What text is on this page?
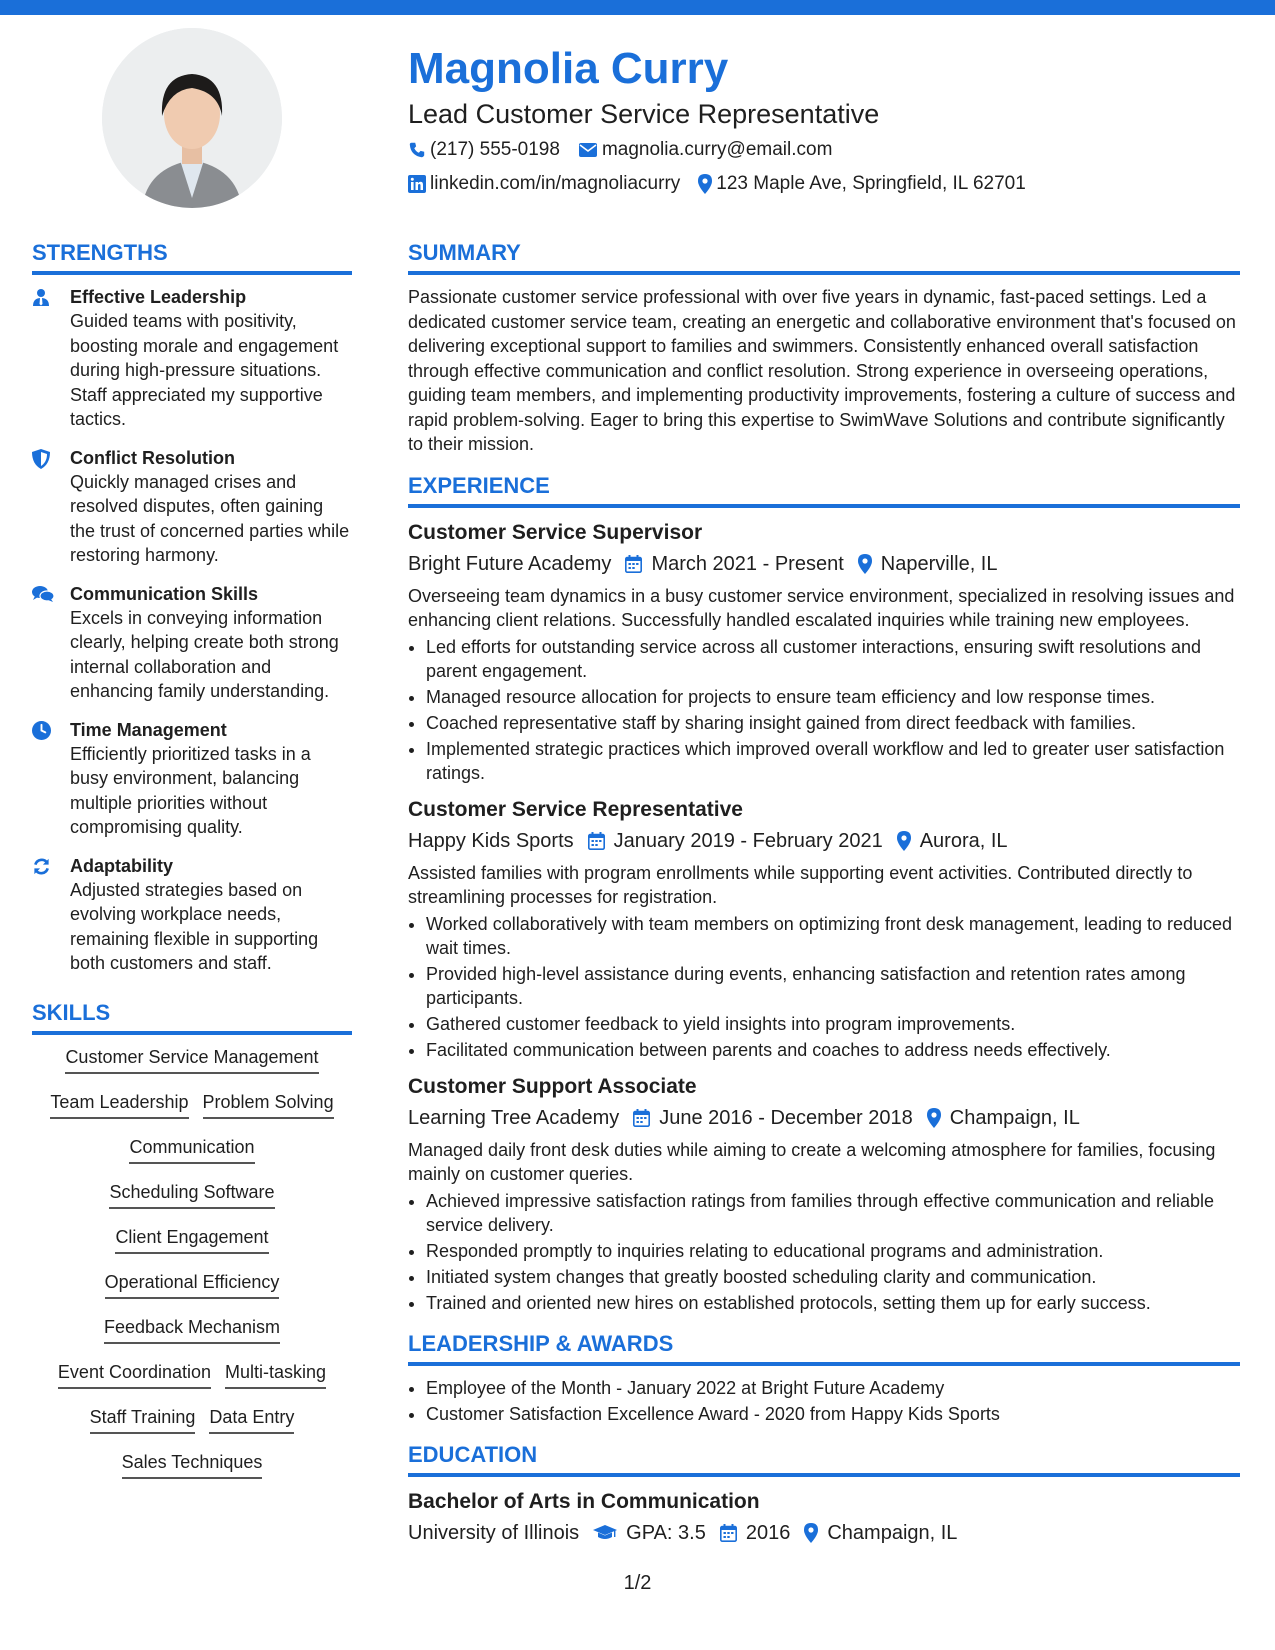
Magnolia Curry
Lead Customer Service Representative
(217) 555-0198 magnolia.curry@email.com
linkedin.com/in/magnoliacurry 123 Maple Ave, Springfield, IL 62701
STRENGTHS
Effective Leadership
Guided teams with positivity, boosting morale and engagement during high-pressure situations. Staff appreciated my supportive tactics.
Conflict Resolution
Quickly managed crises and resolved disputes, often gaining the trust of concerned parties while restoring harmony.
Communication Skills
Excels in conveying information clearly, helping create both strong internal collaboration and enhancing family understanding.
Time Management
Efficiently prioritized tasks in a busy environment, balancing multiple priorities without compromising quality.
Adaptability
Adjusted strategies based on evolving workplace needs, remaining flexible in supporting both customers and staff.
SKILLS
Customer Service Management
Team Leadership Problem Solving
Communication
Scheduling Software
Client Engagement
Operational Efficiency
Feedback Mechanism
Event Coordination Multi-tasking
Staff Training Data Entry
Sales Techniques
SUMMARY

Passionate customer service professional with over five years in dynamic, fast-paced settings. Led a dedicated customer service team, creating an energetic and collaborative environment that's focused on delivering exceptional support to families and swimmers. Consistently enhanced overall satisfaction through effective communication and conflict resolution. Strong experience in overseeing operations, guiding team members, and implementing productivity improvements, fostering a culture of success and rapid problem-solving. Eager to bring this expertise to SwimWave Solutions and contribute significantly to their mission.

EXPERIENCE
Customer Service Supervisor
Bright Future Academy March 2021 - Present Naperville, IL

Overseeing team dynamics in a busy customer service environment, specialized in resolving issues and enhancing client relations. Successfully handled escalated inquiries while training new employees.

• Led efforts for outstanding service across all customer interactions, ensuring swift resolutions and parent engagement.
• Managed resource allocation for projects to ensure team efficiency and low response times.
• Coached representative staff by sharing insight gained from direct feedback with families.
• Implemented strategic practices which improved overall workflow and led to greater user satisfaction ratings.
Customer Service Representative
Happy Kids Sports January 2019 - February 2021 Aurora, IL

Assisted families with program enrollments while supporting event activities. Contributed directly to streamlining processes for registration.

• Worked collaboratively with team members on optimizing front desk management, leading to reduced wait times.
• Provided high-level assistance during events, enhancing satisfaction and retention rates among participants.
• Gathered customer feedback to yield insights into program improvements.
• Facilitated communication between parents and coaches to address needs effectively.
Customer Support Associate
Learning Tree Academy June 2016 - December 2018 Champaign, IL

Managed daily front desk duties while aiming to create a welcoming atmosphere for families, focusing mainly on customer queries.

• Achieved impressive satisfaction ratings from families through effective communication and reliable service delivery.
• Responded promptly to inquiries relating to educational programs and administration.
• Initiated system changes that greatly boosted scheduling clarity and communication.
• Trained and oriented new hires on established protocols, setting them up for early success.
LEADERSHIP & AWARDS
• Employee of the Month - January 2022 at Bright Future Academy
• Customer Satisfaction Excellence Award - 2020 from Happy Kids Sports
EDUCATION
Bachelor of Arts in Communication
University of Illinois GPA: 3.5 2016 Champaign, IL
1/2
